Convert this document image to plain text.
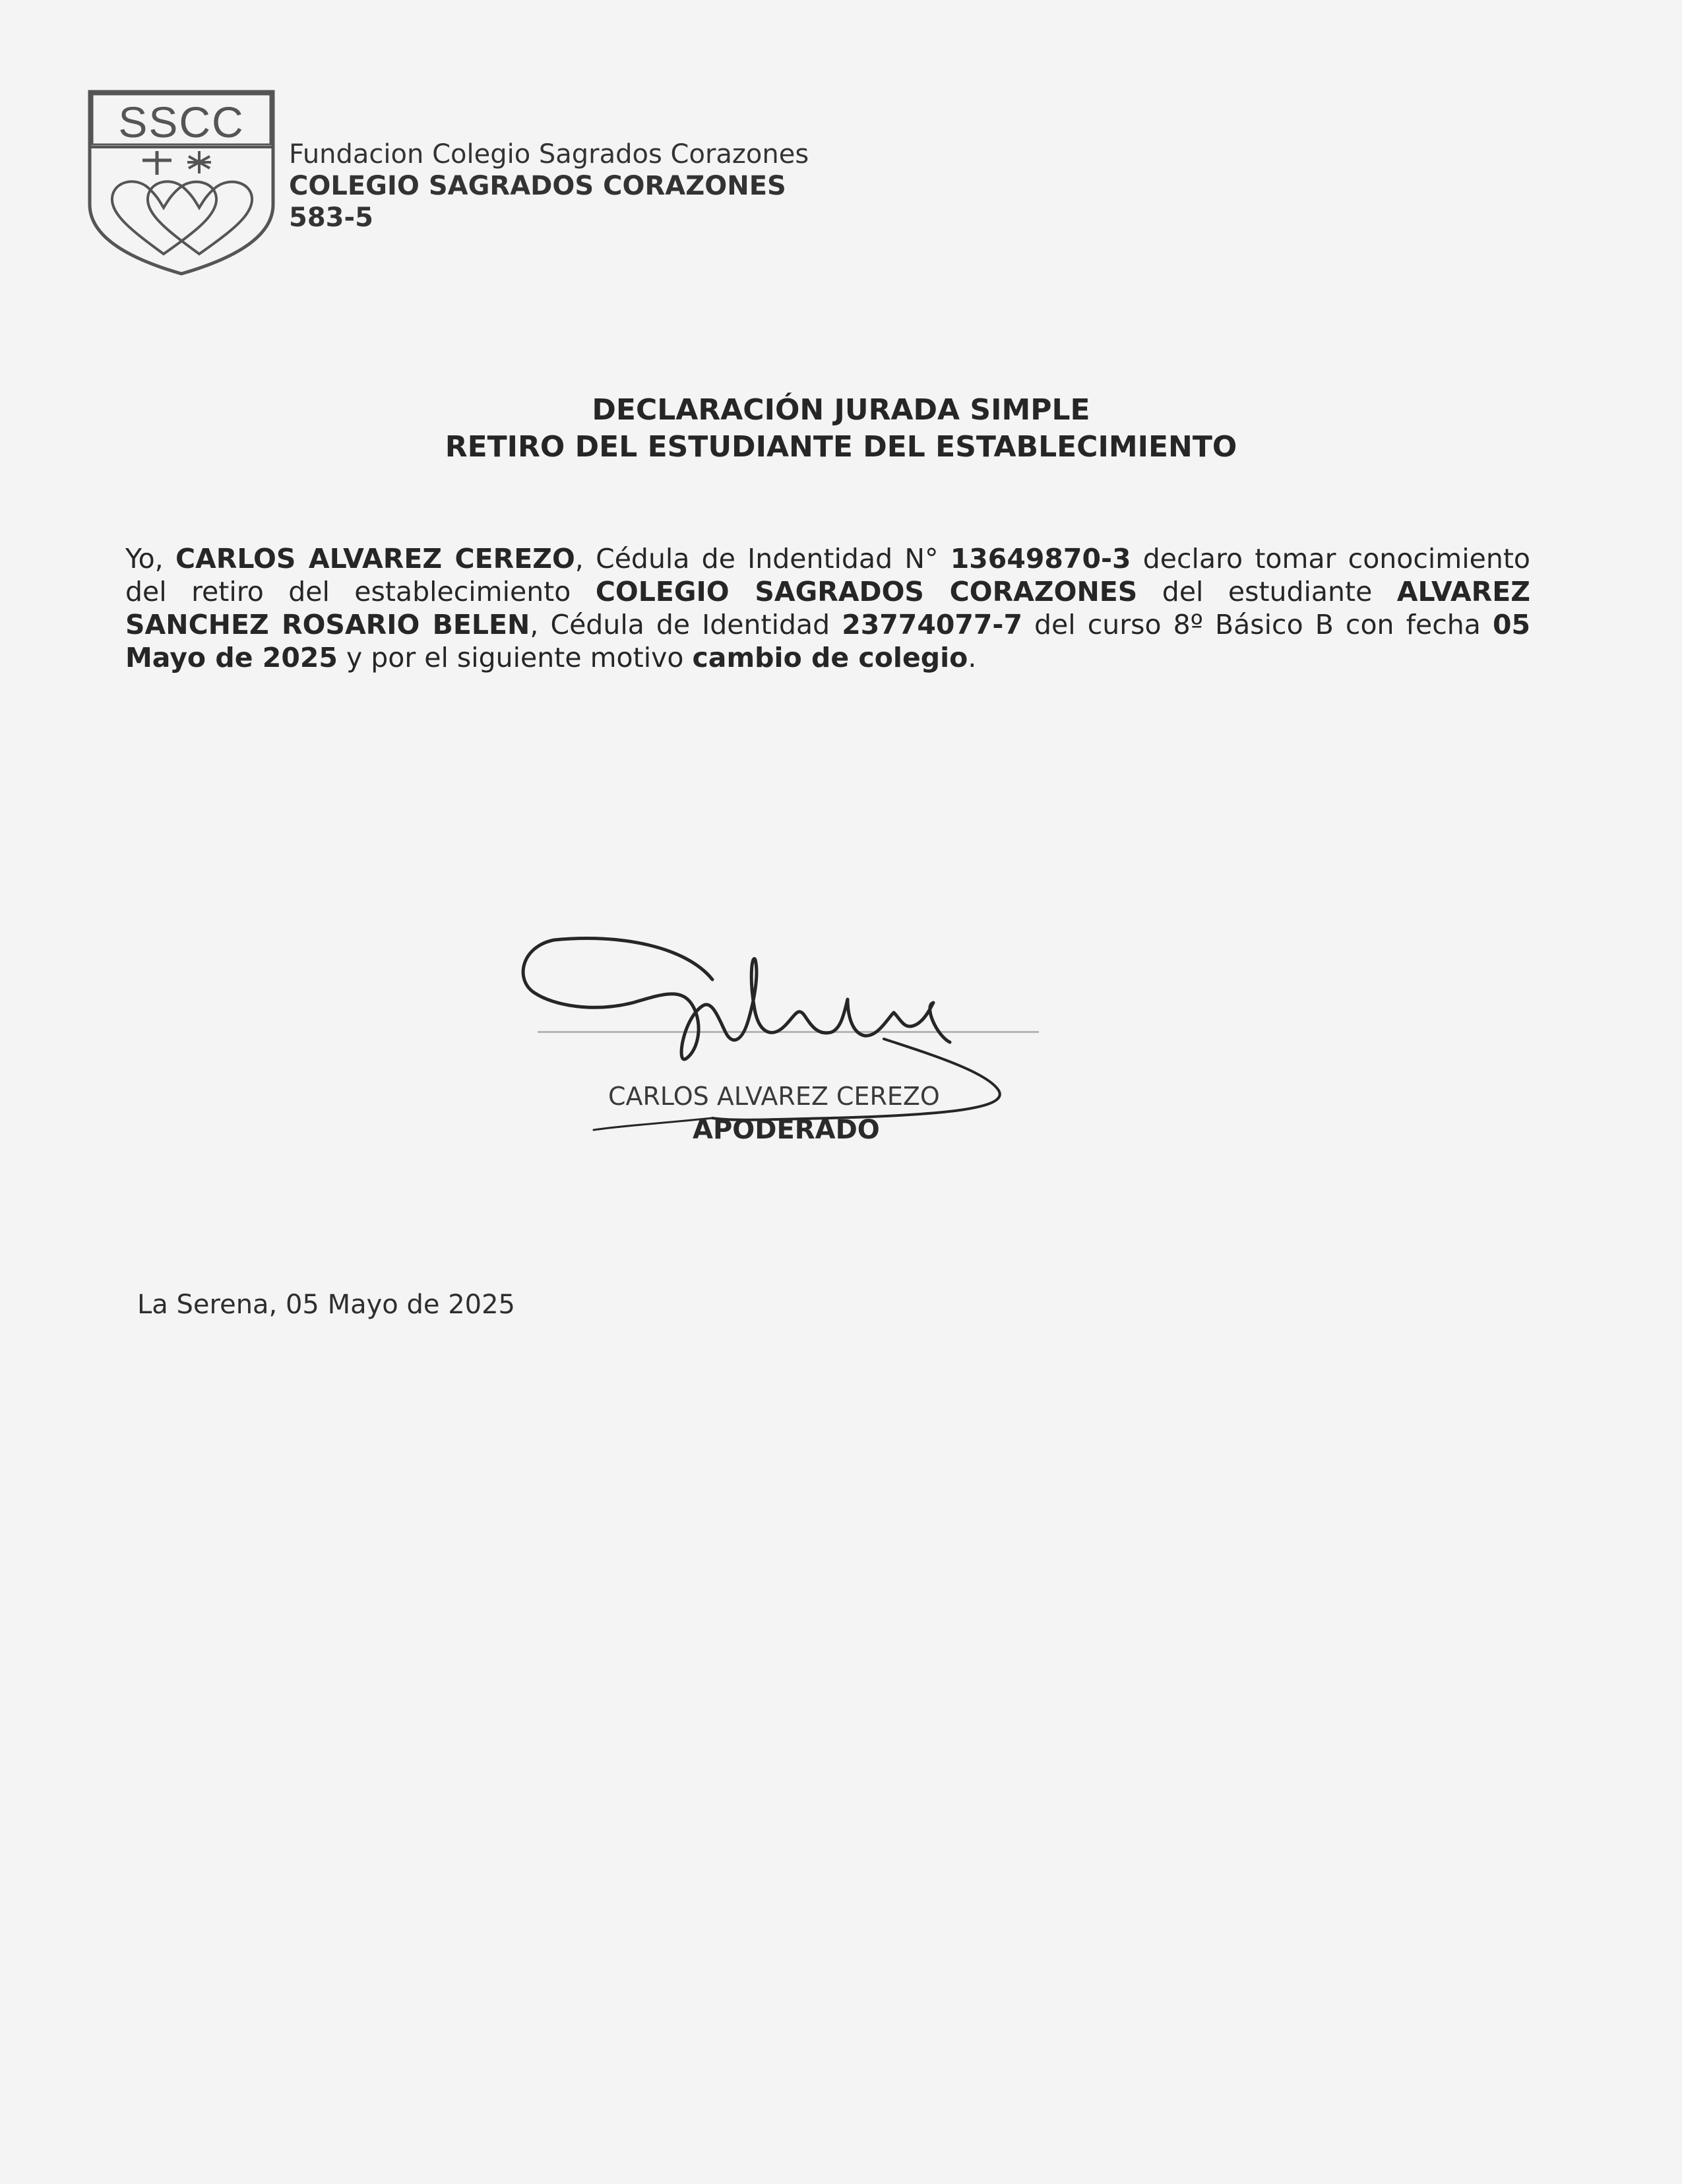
SSCC
Fundacion Colegio Sagrados Corazones
COLEGIO SAGRADOS CORAZONES
583-5
DECLARACIÓN JURADA SIMPLE
RETIRO DEL ESTUDIANTE DEL ESTABLECIMIENTO
Yo, CARLOS ALVAREZ CEREZO, Cédula de Indentidad N° 13649870-3 declaro tomar conocimiento del retiro del establecimiento COLEGIO SAGRADOS CORAZONES del estudiante ALVAREZ SANCHEZ ROSARIO BELEN, Cédula de Identidad 23774077-7 del curso 8º Básico B con fecha 05 Mayo de 2025 y por el siguiente motivo cambio de colegio.
CARLOS ALVAREZ CEREZO
APODERADO
La Serena, 05 Mayo de 2025
